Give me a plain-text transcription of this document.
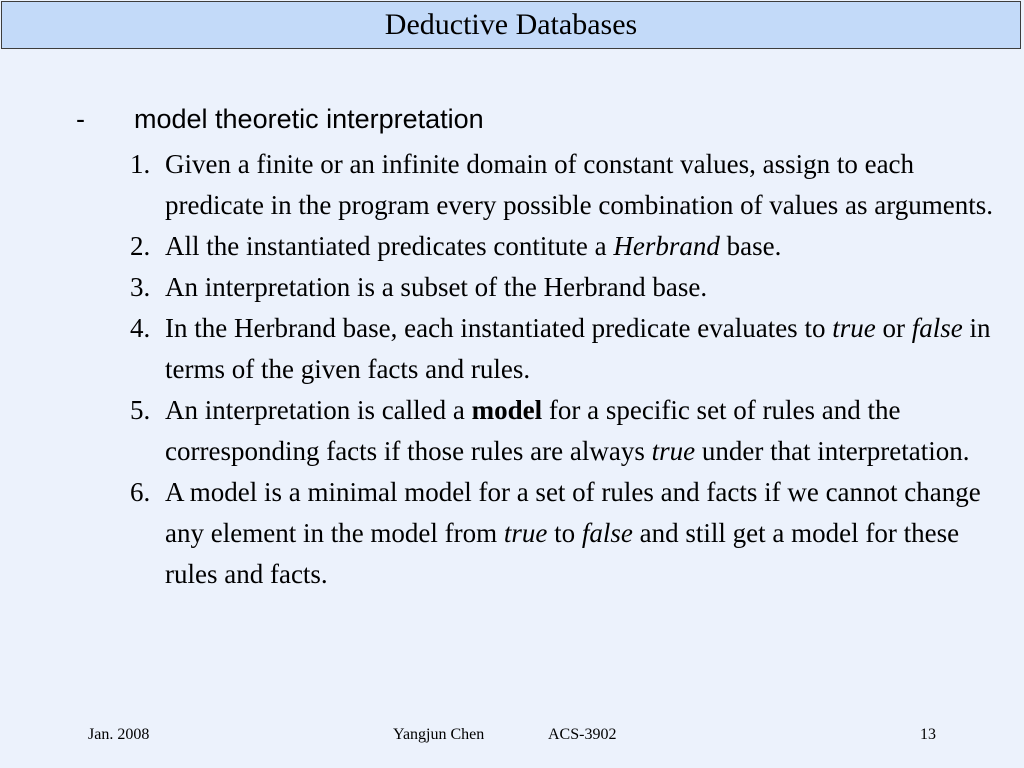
Deductive Databases
-	model theoretic interpretation
1. Given a finite or an infinite domain of constant values, assign to each predicate in the program every possible combination of values as arguments.
2. All the instantiated predicates contitute a Herbrand base.
3. An interpretation is a subset of the Herbrand base.
4. In the Herbrand base, each instantiated predicate evaluates to true or false in terms of the given facts and rules.
5. An interpretation is called a model for a specific set of rules and the corresponding facts if those rules are always true under that interpretation.
6. A model is a minimal model for a set of rules and facts if we cannot change any element in the model from true to false and still get a model for these rules and facts.
Jan. 2008	Yangjun Chen	ACS-3902	13
